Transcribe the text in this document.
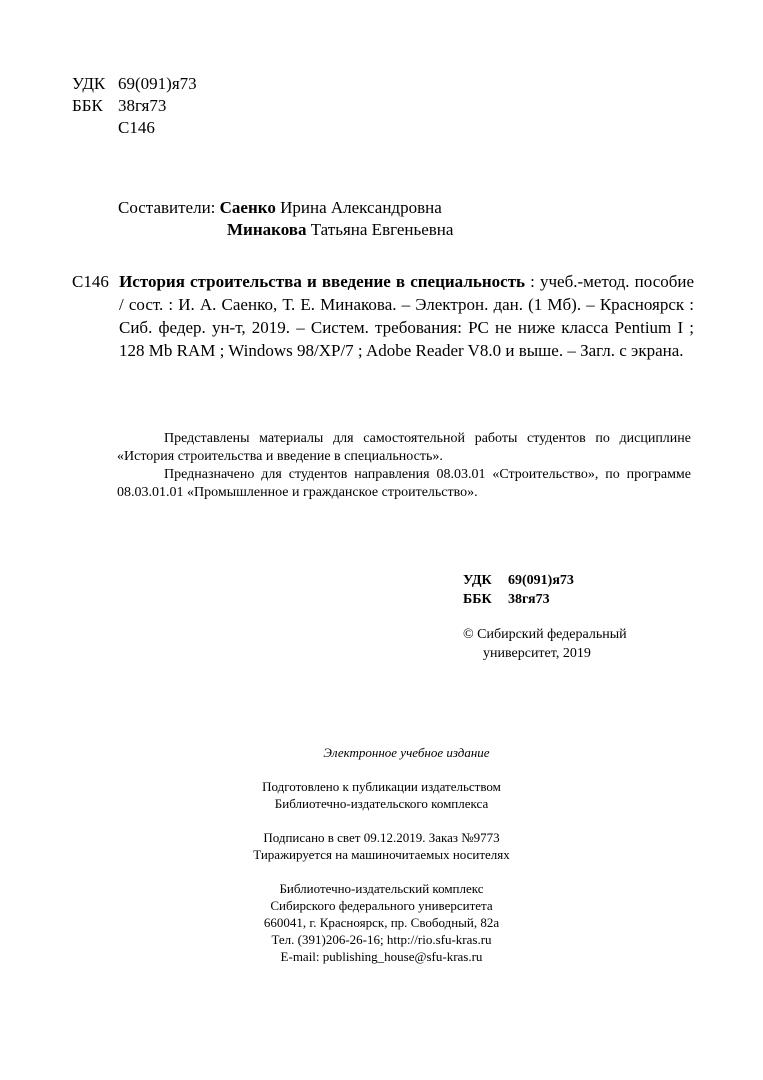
УДК 69(091)я73
ББК 38гя73
С146
Составители: Саенко Ирина Александровна
Минакова Татьяна Евгеньевна
С146 История строительства и введение в специальность : учеб.-метод. пособие / сост. : И. А. Саенко, Т. Е. Минакова. – Электрон. дан. (1 Мб). – Красноярск : Сиб. федер. ун-т, 2019. – Систем. требования: PC не ниже класса Pentium I ; 128 Mb RAM ; Windows 98/XP/7 ; Adobe Reader V8.0 и выше. – Загл. с экрана.

Представлены материалы для самостоятельной работы студентов по дисциплине «История строительства и введение в специальность».

Предназначено для студентов направления 08.03.01 «Строительство», по программе 08.03.01.01 «Промышленное и гражданское строительство».

УДК 69(091)я73
ББК 38гя73
© Сибирский федеральный
университет, 2019
Электронное учебное издание
Подготовлено к публикации издательством
Библиотечно-издательского комплекса
Подписано в свет 09.12.2019. Заказ №9773
Тиражируется на машиночитаемых носителях
Библиотечно-издательский комплекс
Сибирского федерального университета
660041, г. Красноярск, пр. Свободный, 82а
Тел. (391)206-26-16; http://rio.sfu-kras.ru
E-mail: publishing_house@sfu-kras.ru
